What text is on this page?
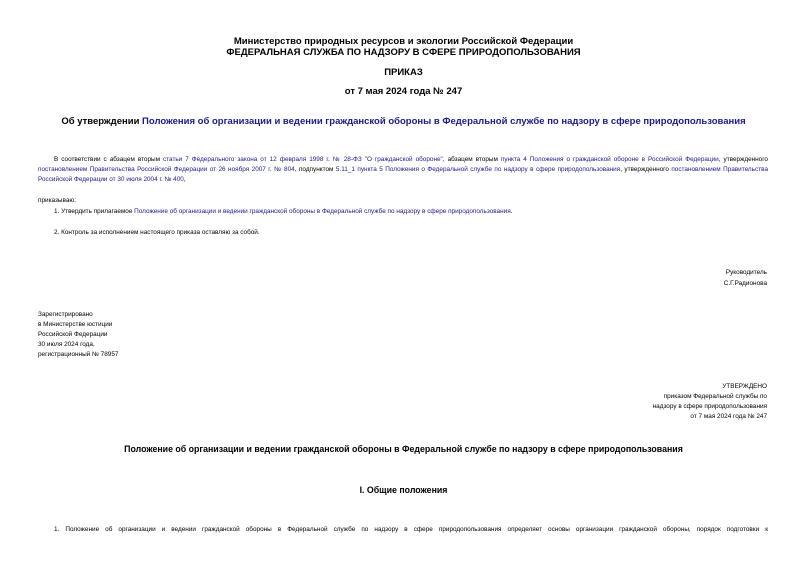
Министерство природных ресурсов и экологии Российской Федерации
ФЕДЕРАЛЬНАЯ СЛУЖБА ПО НАДЗОРУ В СФЕРЕ ПРИРОДОПОЛЬЗОВАНИЯ
ПРИКАЗ
от 7 мая 2024 года № 247
Об утверждении Положения об организации и ведении гражданской обороны в Федеральной службе по надзору в сфере природопользования
В соответствии с абзацем вторым статьи 7 Федерального закона от 12 февраля 1998 г. № 28-ФЗ "О гражданской обороне", абзацем вторым пункта 4 Положения о гражданской обороне в Российской Федерации, утвержденного постановлением Правительства Российской Федерации от 26 ноября 2007 г. № 804, подпунктом 5.11_1 пункта 5 Положения о Федеральной службе по надзору в сфере природопользования, утвержденного постановлением Правительства Российской Федерации от 30 июля 2004 г. № 400,
приказываю:
1. Утвердить прилагаемое Положение об организации и ведении гражданской обороны в Федеральной службе по надзору в сфере природопользования.
2. Контроль за исполнением настоящего приказа оставляю за собой.
Руководитель
С.Г.Радионова
Зарегистрировано
в Министерстве юстиции
Российской Федерации
30 июля 2024 года,
регистрационный № 78957
УТВЕРЖДЕНО
приказом Федеральной службы по
надзору в сфере природопользования
от 7 мая 2024 года № 247
Положение об организации и ведении гражданской обороны в Федеральной службе по надзору в сфере природопользования
I. Общие положения
1. Положение об организации и ведении гражданской обороны в Федеральной службе по надзору в сфере природопользования определяет основы организации гражданской обороны, порядок подготовки к
